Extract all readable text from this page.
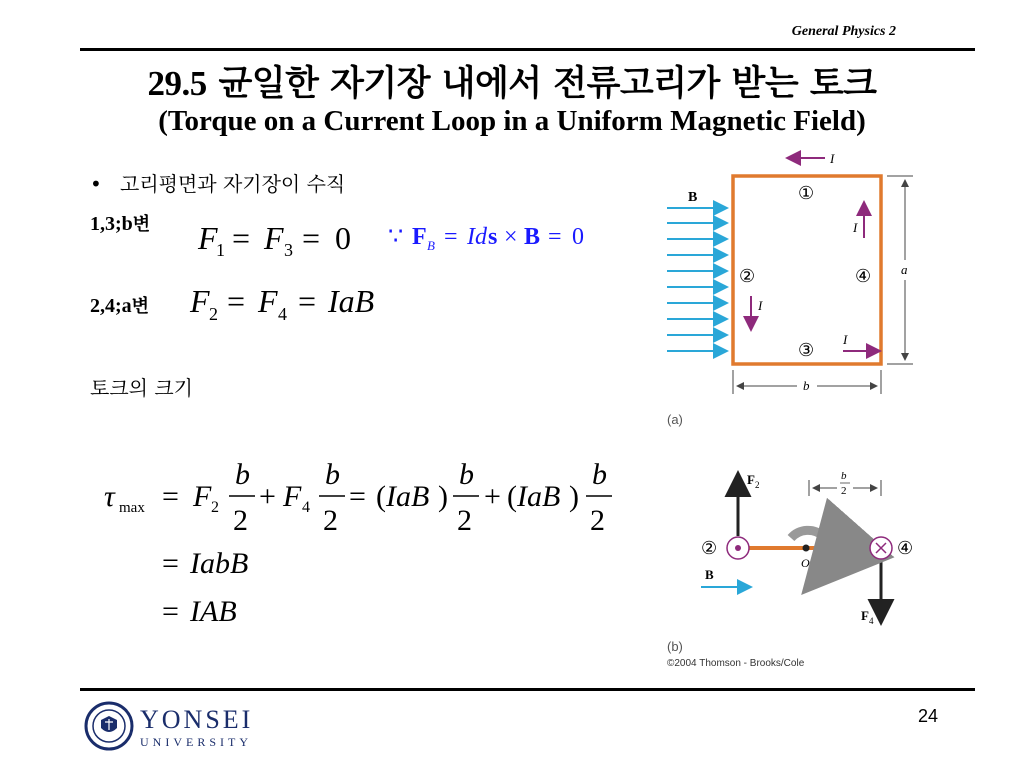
General Physics 2
29.5 균일한 자기장 내에서 전류고리가 받는 토크
(Torque on a Current Loop in a Uniform Magnetic Field)
• 고리평면과 자기장이 수직
1,3;b변
2,4;a변
F
1 = F 3 = 0 ∵ F B = Id s × B = 0
F 2 = F 4 = IaB
τ max = F 2
b
2
+ F 4
b
2
= ( IaB )
b
2
+ ( IaB )
b
2
= IabB
= IAB
토크의 크기
B
I
I
I
I
①
②
③
④ a
b
(a)
$F_2$
$F_4$
O
②	④
B
b
2
(b)
©2004 Thomson - Brooks/Cole
YONSEI
UNIVERSITY
24
